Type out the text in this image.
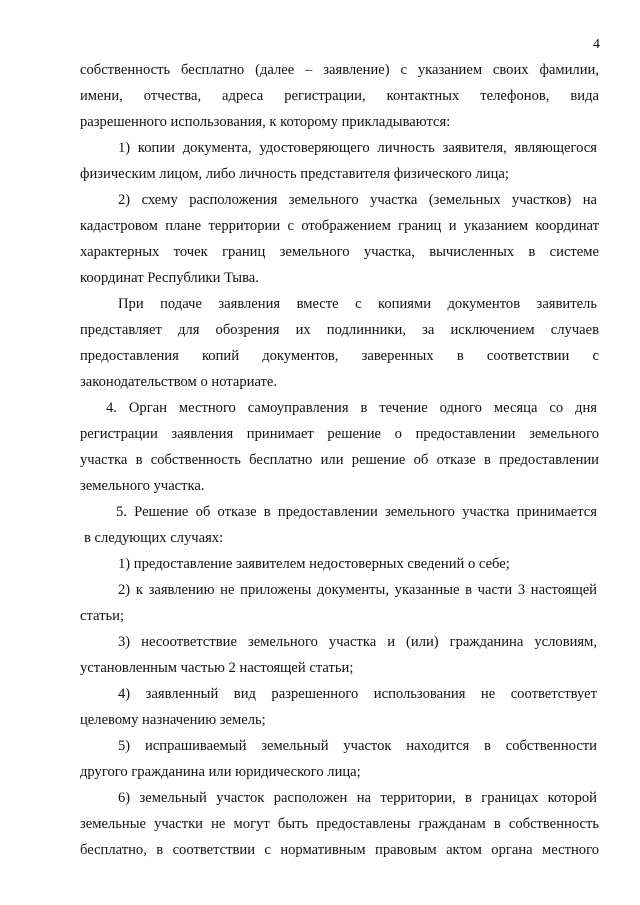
4
собственность бесплатно (далее – заявление) с указанием своих фамилии,
имени, отчества, адреса регистрации, контактных телефонов, вида
разрешенного использования, к которому прикладываются:
1) копии документа, удостоверяющего личность заявителя, являющегося
физическим лицом, либо личность представителя физического лица;
2) схему расположения земельного участка (земельных участков) на
кадастровом плане территории с отображением границ и указанием координат
характерных точек границ земельного участка, вычисленных в системе
координат Республики Тыва.
При подаче заявления вместе с копиями документов заявитель
представляет для обозрения их подлинники, за исключением случаев
предоставления копий документов, заверенных в соответствии с
законодательством о нотариате.
4. Орган местного самоуправления в течение одного месяца со дня
регистрации заявления принимает решение о предоставлении земельного
участка в собственность бесплатно или решение об отказе в предоставлении
земельного участка.
5. Решение об отказе в предоставлении земельного участка принимается
в следующих случаях:
1) предоставление заявителем недостоверных сведений о себе;
2) к заявлению не приложены документы, указанные в части 3 настоящей
статьи;
3) несоответствие земельного участка и (или) гражданина условиям,
установленным частью 2 настоящей статьи;
4) заявленный вид разрешенного использования не соответствует
целевому назначению земель;
5) испрашиваемый земельный участок находится в собственности
другого гражданина или юридического лица;
6) земельный участок расположен на территории, в границах которой
земельные участки не могут быть предоставлены гражданам в собственность
бесплатно, в соответствии с нормативным правовым актом органа местного
